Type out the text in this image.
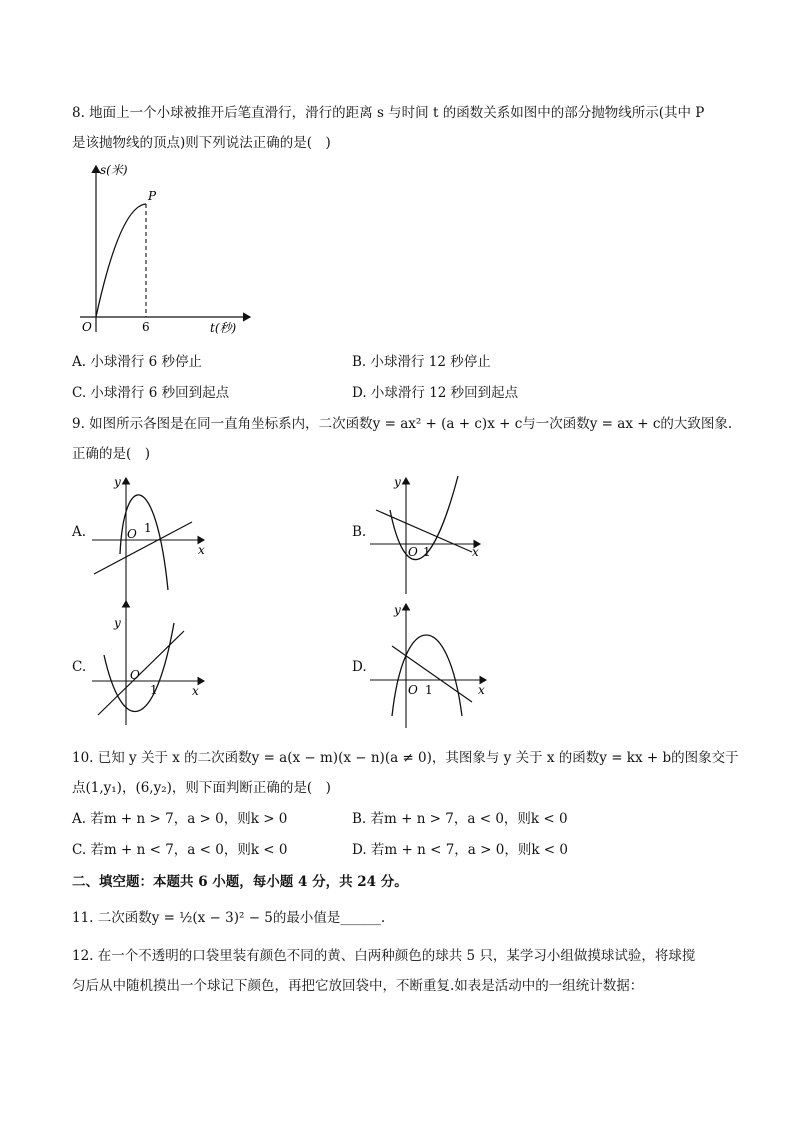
8. 地面上一个小球被推开后笔直滑行，滑行的距离 s 与时间 t 的函数关系如图中的部分抛物线所示(其中 P
是该抛物线的顶点)则下列说法正确的是(　)
s(米)
P
O	6	t(秒)
A. 小球滑行 6 秒停止	B. 小球滑行 12 秒停止
C. 小球滑行 6 秒回到起点	D. 小球滑行 12 秒回到起点
9. 如图所示各图是在同一直角坐标系内，二次函数y = ax² + (a + c)x + c与一次函数y = ax + c的大致图象.
正确的是(　)
A.
y
x
O 1	B.
y
x
O 1
C.
y
x
O
1
D.
y
x
O 1
10. 已知 y 关于 x 的二次函数y = a(x − m)(x − n)(a ≠ 0)，其图象与 y 关于 x 的函数y = kx + b的图象交于
点(1,y₁)，(6,y₂)，则下面判断正确的是(　)
A. 若m + n > 7，a > 0，则k > 0	B. 若m + n > 7，a < 0，则k < 0
C. 若m + n < 7，a < 0，则k < 0	D. 若m + n < 7，a > 0，则k < 0
二、填空题：本题共 6 小题，每小题 4 分，共 24 分。
11. 二次函数y = ½(x − 3)² − 5的最小值是______.
12. 在一个不透明的口袋里装有颜色不同的黄、白两种颜色的球共 5 只，某学习小组做摸球试验，将球搅
匀后从中随机摸出一个球记下颜色，再把它放回袋中，不断重复.如表是活动中的一组统计数据：
